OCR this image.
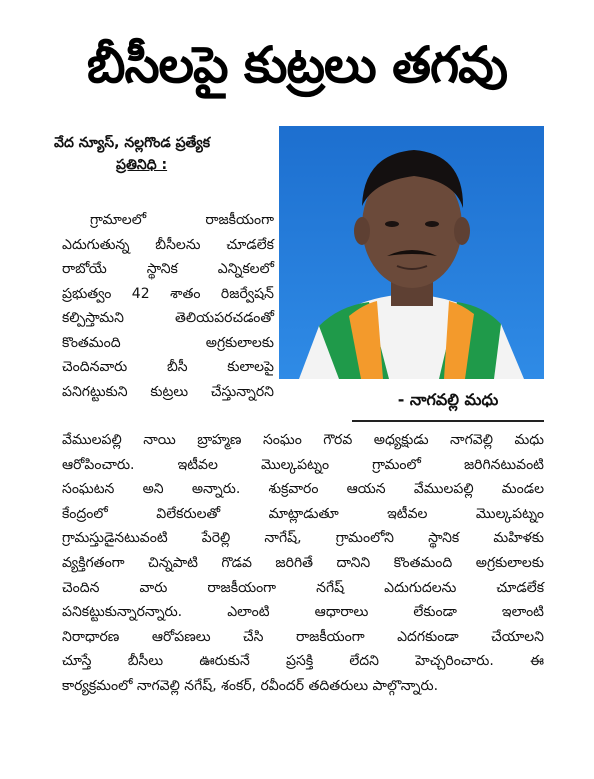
బీసీలపై కుట్రలు తగవు
వేద న్యూస్, నల్లగొండ ప్రత్యేక
ప్రతినిధి :
గ్రామాలలో రాజకీయంగా
ఎదుగుతున్న బీసీలను చూడలేక
రాబోయే స్థానిక ఎన్నికలలో
ప్రభుత్వం 42 శాతం రిజర్వేషన్
కల్పిస్తామని తెలియపరచడంతో
కొంతమంది అగ్రకులాలకు
చెందినవారు బీసీ కులాలపై
పనిగట్టుకుని కుట్రలు చేస్తున్నారని	- నాగవల్లి మధు
వేములపల్లి నాయి బ్రాహ్మణ సంఘం గౌరవ అధ్యక్షుడు నాగవెల్లి మధు
ఆరోపించారు. ఇటీవల మొల్కపట్నం గ్రామంలో జరిగినటువంటి
సంఘటన అని అన్నారు. శుక్రవారం ఆయన వేములపల్లి మండల
కేంద్రంలో విలేకరులతో మాట్లాడుతూ ఇటీవల మొల్కపట్నం
గ్రామస్తుడైనటువంటి పేరెల్లి నాగేష్, గ్రామంలోని స్థానిక మహిళకు
వ్యక్తిగతంగా చిన్నపాటి గొడవ జరిగితే దానిని కొంతమంది అగ్రకులాలకు
చెందిన వారు రాజకీయంగా నగేష్ ఎదుగుదలను చూడలేక
పనికట్టుకున్నారన్నారు. ఎలాంటి ఆధారాలు లేకుండా ఇలాంటి
నిరాధారణ ఆరోపణలు చేసి రాజకీయంగా ఎదగకుండా చేయాలని
చూస్తే బీసీలు ఊరుకునే ప్రసక్తి లేదని హెచ్చరించారు. ఈ
కార్యక్రమంలో నాగవెల్లి నగేష్, శంకర్, రవీందర్ తదితరులు పాల్గొన్నారు.
